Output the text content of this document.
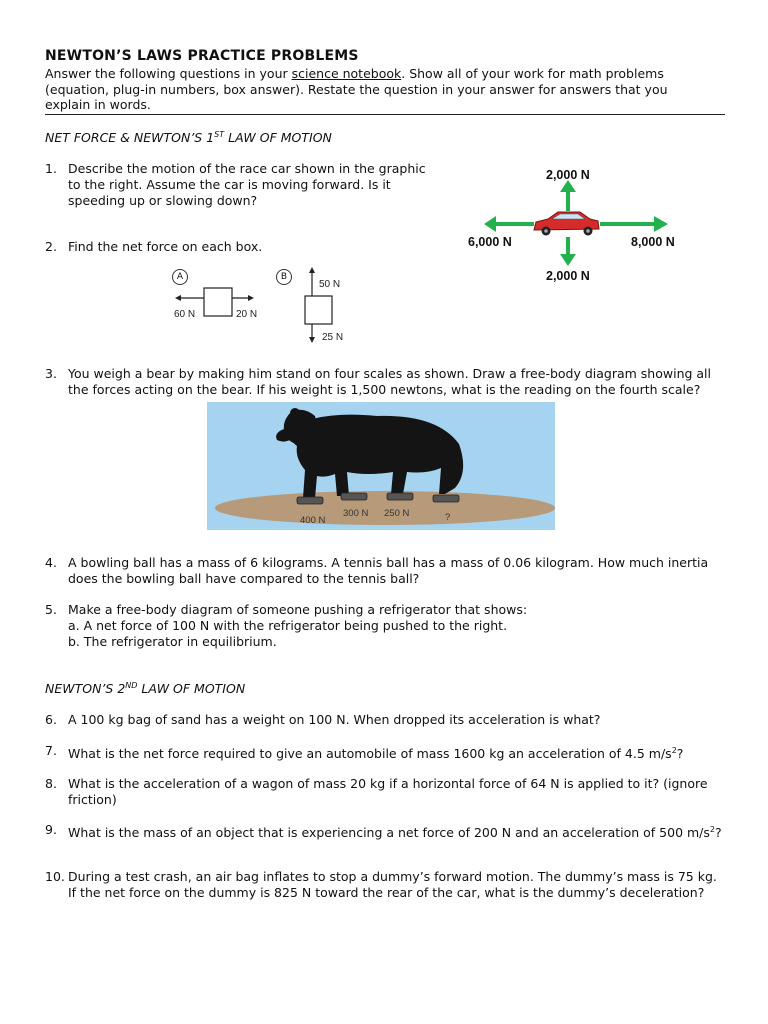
NEWTON’S LAWS PRACTICE PROBLEMS
Answer the following questions in your science notebook. Show all of your work for math problems (equation, plug-in numbers, box answer). Restate the question in your answer for answers that you explain in words.
NET FORCE & NEWTON’S 1ST LAW OF MOTION
1. Describe the motion of the race car shown in the graphic to the right. Assume the car is moving forward. Is it speeding up or slowing down?
2. Find the net force on each box.
3. You weigh a bear by making him stand on four scales as shown. Draw a free-body diagram showing all the forces acting on the bear. If his weight is 1,500 newtons, what is the reading on the fourth scale?
4. A bowling ball has a mass of 6 kilograms. A tennis ball has a mass of 0.06 kilogram. How much inertia does the bowling ball have compared to the tennis ball?
5. Make a free-body diagram of someone pushing a refrigerator that shows:
a. A net force of 100 N with the refrigerator being pushed to the right.
b. The refrigerator in equilibrium.
NEWTON’S 2ND LAW OF MOTION
6. A 100 kg bag of sand has a weight on 100 N. When dropped its acceleration is what?
7. What is the net force required to give an automobile of mass 1600 kg an acceleration of 4.5 $m/s^2$?
8. What is the acceleration of a wagon of mass 20 kg if a horizontal force of 64 N is applied to it? (ignore friction)
9. What is the mass of an object that is experiencing a net force of 200 N and an acceleration of 500 $m/s^2$?
10. During a test crash, an air bag inflates to stop a dummy’s forward motion. The dummy’s mass is 75 kg. If the net force on the dummy is 825 N toward the rear of the car, what is the dummy’s deceleration?
2,000 N
2,000 N
6,000 N	8,000 N
A	B
60 N	20 N
50 N
25 N
400 N
300 N 250 N	?
